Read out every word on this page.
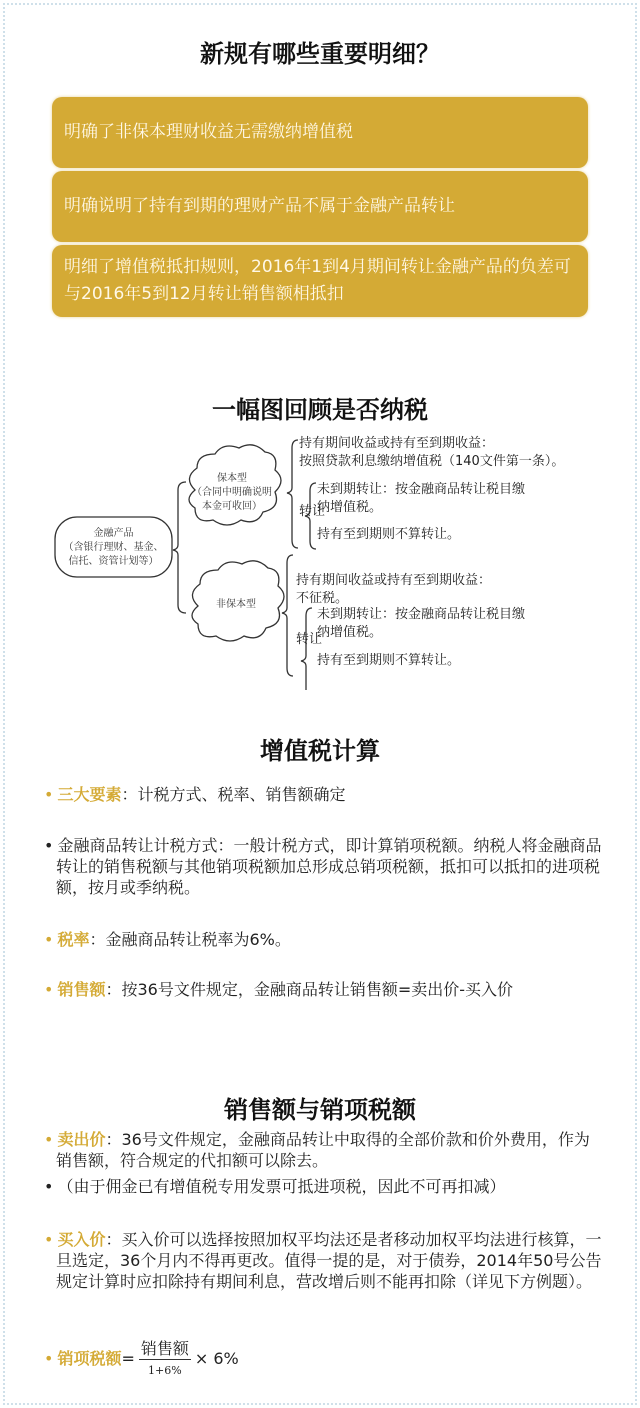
新规有哪些重要明细？
明确了非保本理财收益无需缴纳增值税
明确说明了持有到期的理财产品不属于金融产品转让
明细了增值税抵扣规则，2016年1到4月期间转让金融产品的负差可与2016年5到12月转让销售额相抵扣
一幅图回顾是否纳税
金融产品
（含银行理财、基金、
信托、资管计划等）
保本型
（合同中明确说明
本金可收回）
非保本型
持有期间收益或持有至到期收益：
按照贷款利息缴纳增值税（140文件第一条）。
转让
未到期转让：按金融商品转让税目缴
纳增值税。
持有至到期则不算转让。
持有期间收益或持有至到期收益：
不征税。
转让
未到期转让：按金融商品转让税目缴
纳增值税。
持有至到期则不算转让。
增值税计算
• 三大要素：计税方式、税率、销售额确定
• 金融商品转让计税方式：一般计税方式，即计算销项税额。纳税人将金融商品转让的销售税额与其他销项税额加总形成总销项税额，抵扣可以抵扣的进项税额，按月或季纳税。
• 税率：金融商品转让税率为6%。
• 销售额：按36号文件规定，金融商品转让销售额=卖出价-买入价
销售额与销项税额
• 卖出价：36号文件规定，金融商品转让中取得的全部价款和价外费用，作为销售额，符合规定的代扣额可以除去。
• （由于佣金已有增值税专用发票可抵进项税，因此不可再扣减）
• 买入价：买入价可以选择按照加权平均法还是者移动加权平均法进行核算，一旦选定，36个月内不得再更改。值得一提的是，对于债券，2014年50号公告规定计算时应扣除持有期间利息，营改增后则不能再扣除（详见下方例题）。
• 销项税额= $\frac{\text{销售额}}{1+6\%} \times 6\%$
